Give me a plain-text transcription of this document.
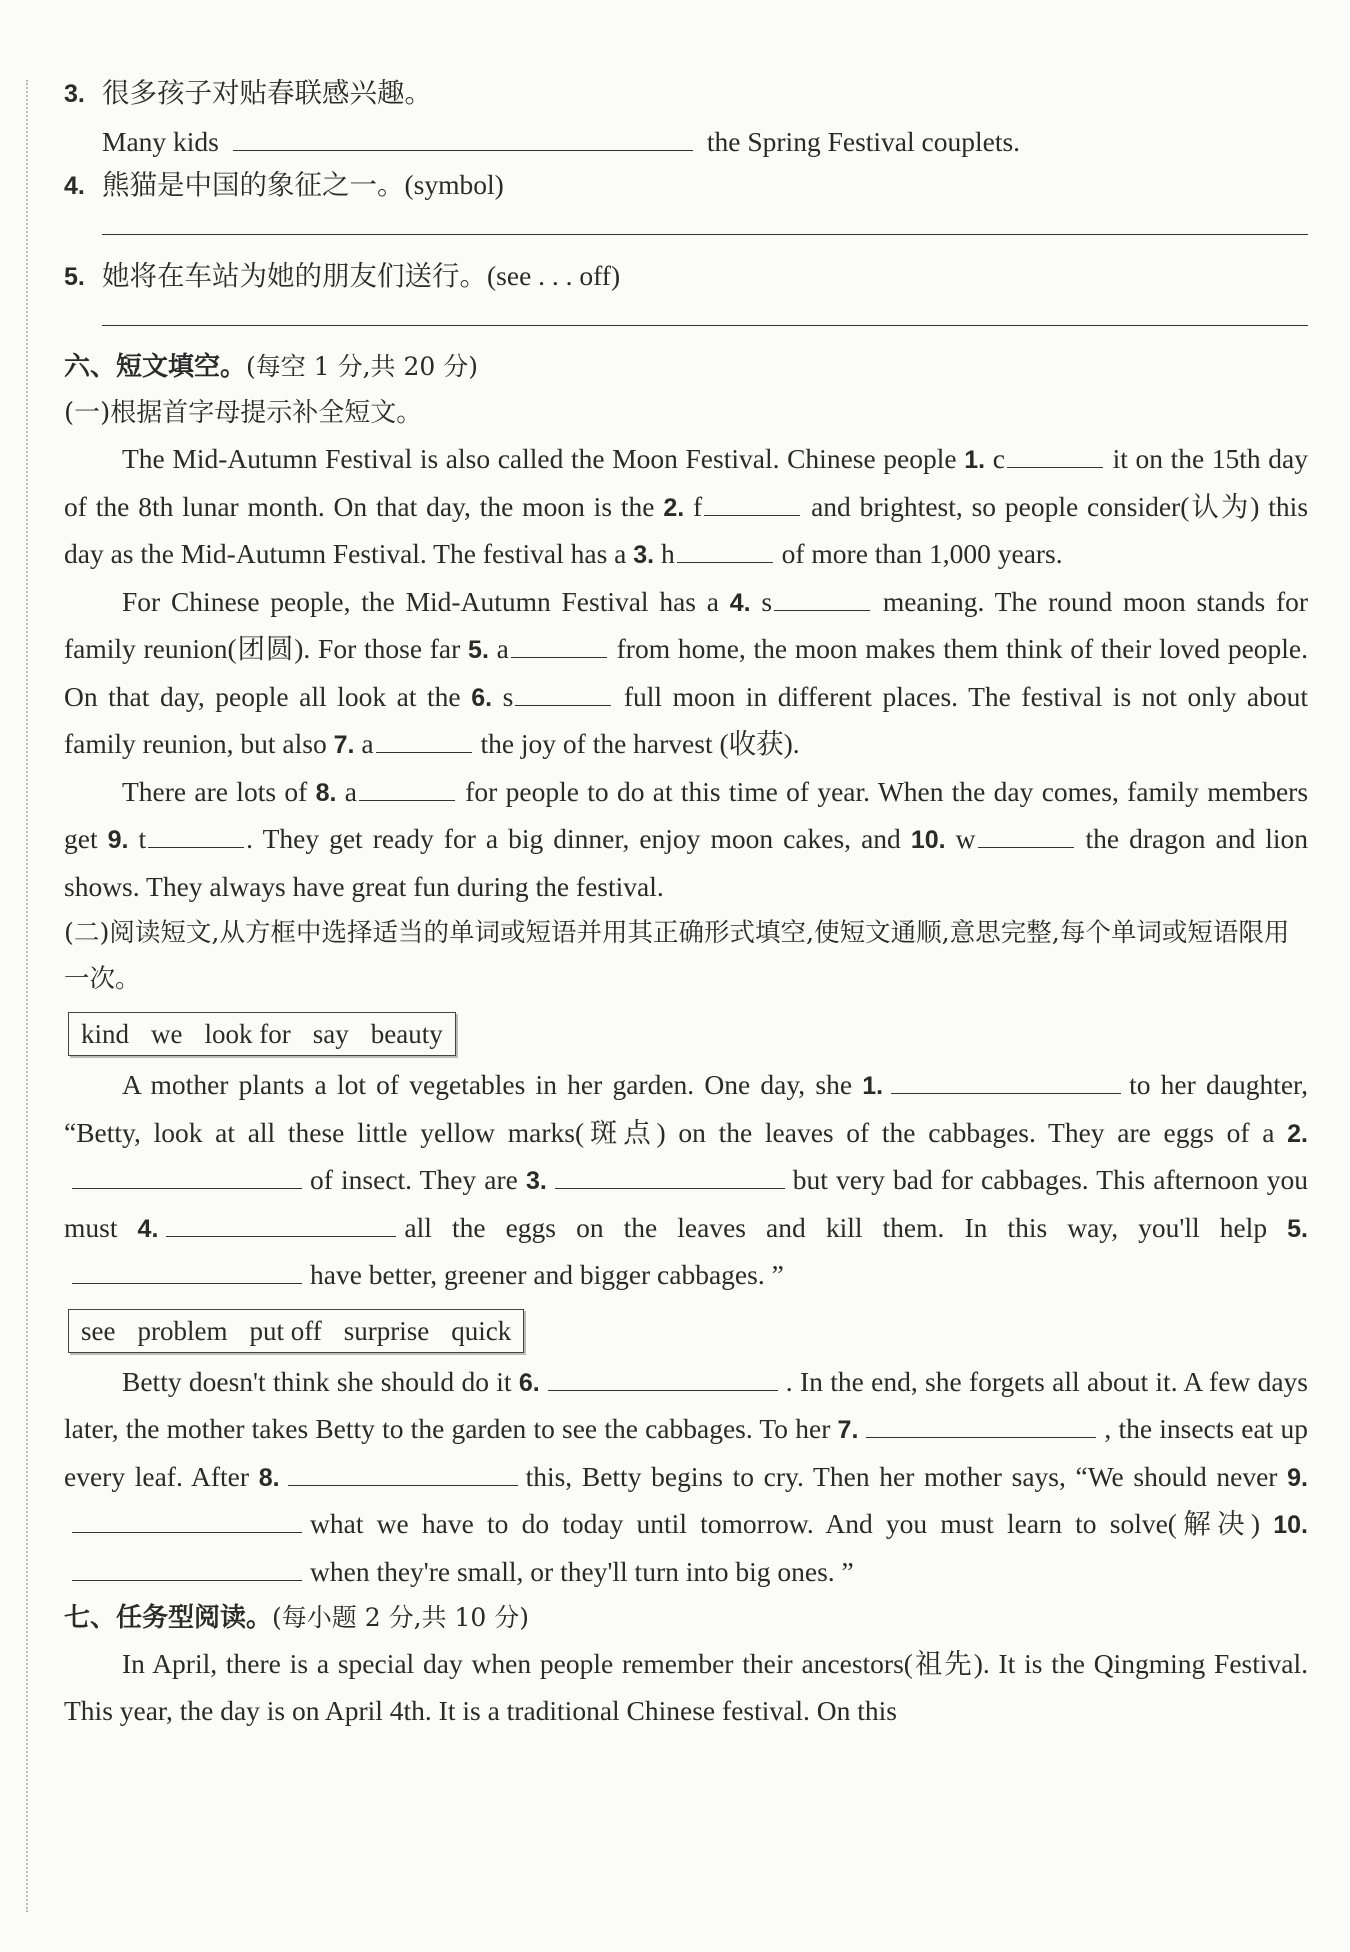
3. 很多孩子对贴春联感兴趣。
Many kids	the Spring Festival couplets.
4. 熊猫是中国的象征之一。(symbol)
5. 她将在车站为她的朋友们送行。(see . . . off)
六、短文填空。(每空 1 分,共 20 分)
(一)根据首字母提示补全短文。

The Mid-Autumn Festival is also called the Moon Festival. Chinese people 1. c	it on the 15th day of the 8th lunar month. On that day, the moon is the 2. f	and brightest, so people consider(认为) this day as the Mid-Autumn Festival. The festival has a 3. h	of more than 1,000 years.

For Chinese people, the Mid-Autumn Festival has a 4. s	meaning. The round moon stands for family reunion(团圆). For those far 5. a	from home, the moon makes them think of their loved people. On that day, people all look at the 6. s	full moon in different places. The festival is not only about family reunion, but also 7. a	the joy of the harvest (收获).

There are lots of 8. a	for people to do at this time of year. When the day comes, family members get 9. t	. They get ready for a big dinner, enjoy moon cakes, and 10. w	the dragon and lion shows. They always have great fun during the festival.

(二)阅读短文,从方框中选择适当的单词或短语并用其正确形式填空,使短文通顺,意思完整,每个单词或短语限用一次。

kind we look for say beauty

A mother plants a lot of vegetables in her garden. One day, she 1.	to her daughter, “Betty, look at all these little yellow marks(斑点) on the leaves of the cabbages. They are eggs of a 2.of insect. They are 3.	but very bad for cabbages. This afternoon you must 4.	all the eggs on the leaves and kill them. In this way, you'll help 5.have better, greener and bigger cabbages. ”

see problem put off surprise quick

Betty doesn't think she should do it 6.	. In the end, she forgets all about it. A few days later, the mother takes Betty to the garden to see the cabbages. To her 7.	, the insects eat up every leaf. After 8.	this, Betty begins to cry. Then her mother says, “We should never 9.what we have to do today until tomorrow. And you must learn to solve(解决) 10.when they're small, or they'll turn into big ones. ”

七、任务型阅读。(每小题 2 分,共 10 分)

In April, there is a special day when people remember their ancestors(祖先). It is the Qingming Festival. This year, the day is on April 4th. It is a traditional Chinese festival. On this
